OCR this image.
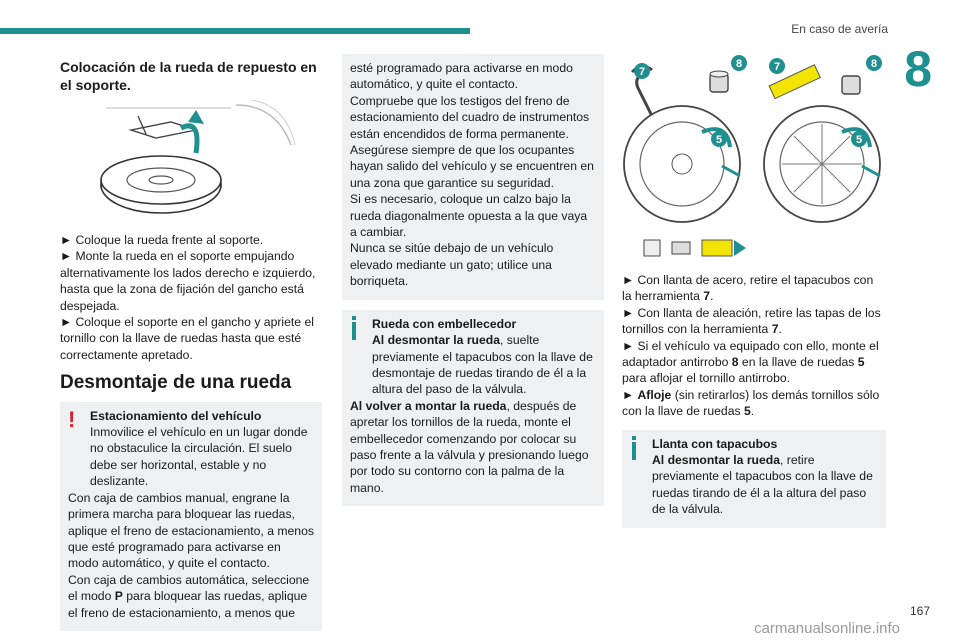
En caso de avería
8
Colocación de la rueda de repuesto en el soporte.
► Coloque la rueda frente al soporte.
► Monte la rueda en el soporte empujando alternativamente los lados derecho e izquierdo, hasta que la zona de fijación del gancho está despejada.
► Coloque el soporte en el gancho y apriete el tornillo con la llave de ruedas hasta que esté correctamente apretado.
Desmontaje de una rueda
!	Estacionamiento del vehículo
Inmovilice el vehículo en un lugar donde no obstaculice la circulación. El suelo debe ser horizontal, estable y no deslizante.
Con caja de cambios manual, engrane la primera marcha para bloquear las ruedas, aplique el freno de estacionamiento, a menos que esté programado para activarse en modo automático, y quite el contacto.
Con caja de cambios automática, seleccione el modo P para bloquear las ruedas, aplique el freno de estacionamiento, a menos que
esté programado para activarse en modo automático, y quite el contacto.
Compruebe que los testigos del freno de estacionamiento del cuadro de instrumentos están encendidos de forma permanente.
Asegúrese siempre de que los ocupantes hayan salido del vehículo y se encuentren en una zona que garantice su seguridad.
Si es necesario, coloque un calzo bajo la rueda diagonalmente opuesta a la que vaya a cambiar.
Nunca se sitúe debajo de un vehículo elevado mediante un gato; utilice una borriqueta.
Rueda con embellecedor
Al desmontar la rueda, suelte previamente el tapacubos con la llave de desmontaje de ruedas tirando de él a la altura del paso de la válvula.
Al volver a montar la rueda, después de apretar los tornillos de la rueda, monte el embellecedor comenzando por colocar su paso frente a la válvula y presionando luego por todo su contorno con la palma de la mano.
7
8	7	8
5	5
► Con llanta de acero, retire el tapacubos con la herramienta 7.
► Con llanta de aleación, retire las tapas de los tornillos con la herramienta 7.
► Si el vehículo va equipado con ello, monte el adaptador antirrobo 8 en la llave de ruedas 5 para aflojar el tornillo antirrobo.
► Afloje (sin retirarlos) los demás tornillos sólo con la llave de ruedas 5.
Llanta con tapacubos
Al desmontar la rueda, retire previamente el tapacubos con la llave de ruedas tirando de él a la altura del paso de la válvula.
167
carmanualsonline.info
